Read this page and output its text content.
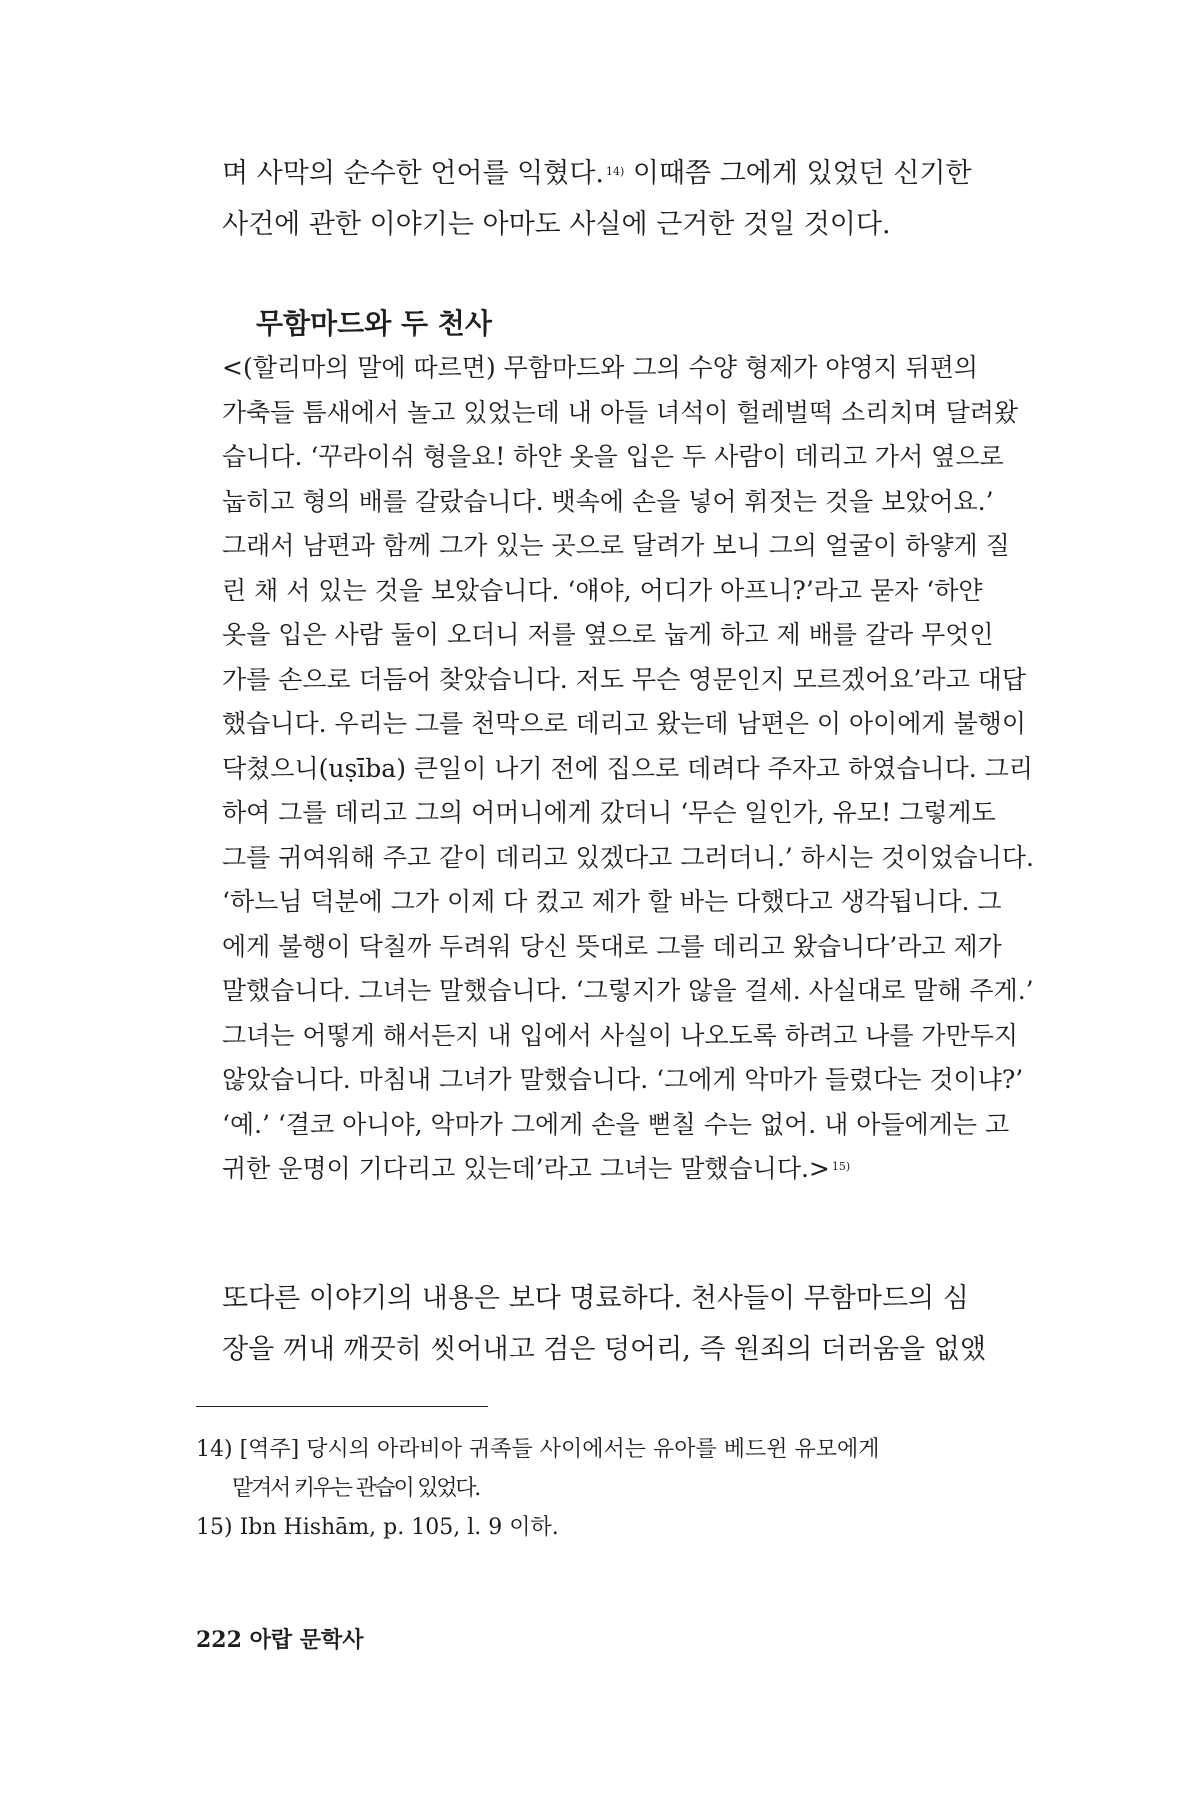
며 사막의 순수한 언어를 익혔다. $^{14)}$ 이때쯤 그에게 있었던 신기한
사건에 관한 이야기는 아마도 사실에 근거한 것일 것이다.
무함마드와 두 천사
<(할리마의 말에 따르면) 무함마드와 그의 수양 형제가 야영지 뒤편의
가축들 틈새에서 놀고 있었는데 내 아들 녀석이 헐레벌떡 소리치며 달려왔
습니다. ‘꾸라이쉬 형을요! 하얀 옷을 입은 두 사람이 데리고 가서 옆으로
눕히고 형의 배를 갈랐습니다. 뱃속에 손을 넣어 휘젓는 것을 보았어요.’
그래서 남편과 함께 그가 있는 곳으로 달려가 보니 그의 얼굴이 하얗게 질
린 채 서 있는 것을 보았습니다. ‘얘야, 어디가 아프니?’라고 묻자 ‘하얀
옷을 입은 사람 둘이 오더니 저를 옆으로 눕게 하고 제 배를 갈라 무엇인
가를 손으로 더듬어 찾았습니다. 저도 무슨 영문인지 모르겠어요’라고 대답
했습니다. 우리는 그를 천막으로 데리고 왔는데 남편은 이 아이에게 불행이
닥쳤으니(uṣība) 큰일이 나기 전에 집으로 데려다 주자고 하였습니다. 그리
하여 그를 데리고 그의 어머니에게 갔더니 ‘무슨 일인가, 유모! 그렇게도
그를 귀여워해 주고 같이 데리고 있겠다고 그러더니.’ 하시는 것이었습니다.
‘하느님 덕분에 그가 이제 다 컸고 제가 할 바는 다했다고 생각됩니다. 그
에게 불행이 닥칠까 두려워 당신 뜻대로 그를 데리고 왔습니다’라고 제가
말했습니다. 그녀는 말했습니다. ‘그렇지가 않을 걸세. 사실대로 말해 주게.’
그녀는 어떻게 해서든지 내 입에서 사실이 나오도록 하려고 나를 가만두지
않았습니다. 마침내 그녀가 말했습니다. ‘그에게 악마가 들렸다는 것이냐?’
‘예.’ ‘결코 아니야, 악마가 그에게 손을 뻗칠 수는 없어. 내 아들에게는 고
귀한 운명이 기다리고 있는데’라고 그녀는 말했습니다.> $^{15)}$
또다른 이야기의 내용은 보다 명료하다. 천사들이 무함마드의 심
장을 꺼내 깨끗히 씻어내고 검은 덩어리, 즉 원죄의 더러움을 없앴
14) [역주] 당시의 아라비아 귀족들 사이에서는 유아를 베드윈 유모에게
맡겨서 키우는 관습이 있었다.
15) Ibn Hishām, p. 105, l. 9 이하.
222 아랍 문학사
